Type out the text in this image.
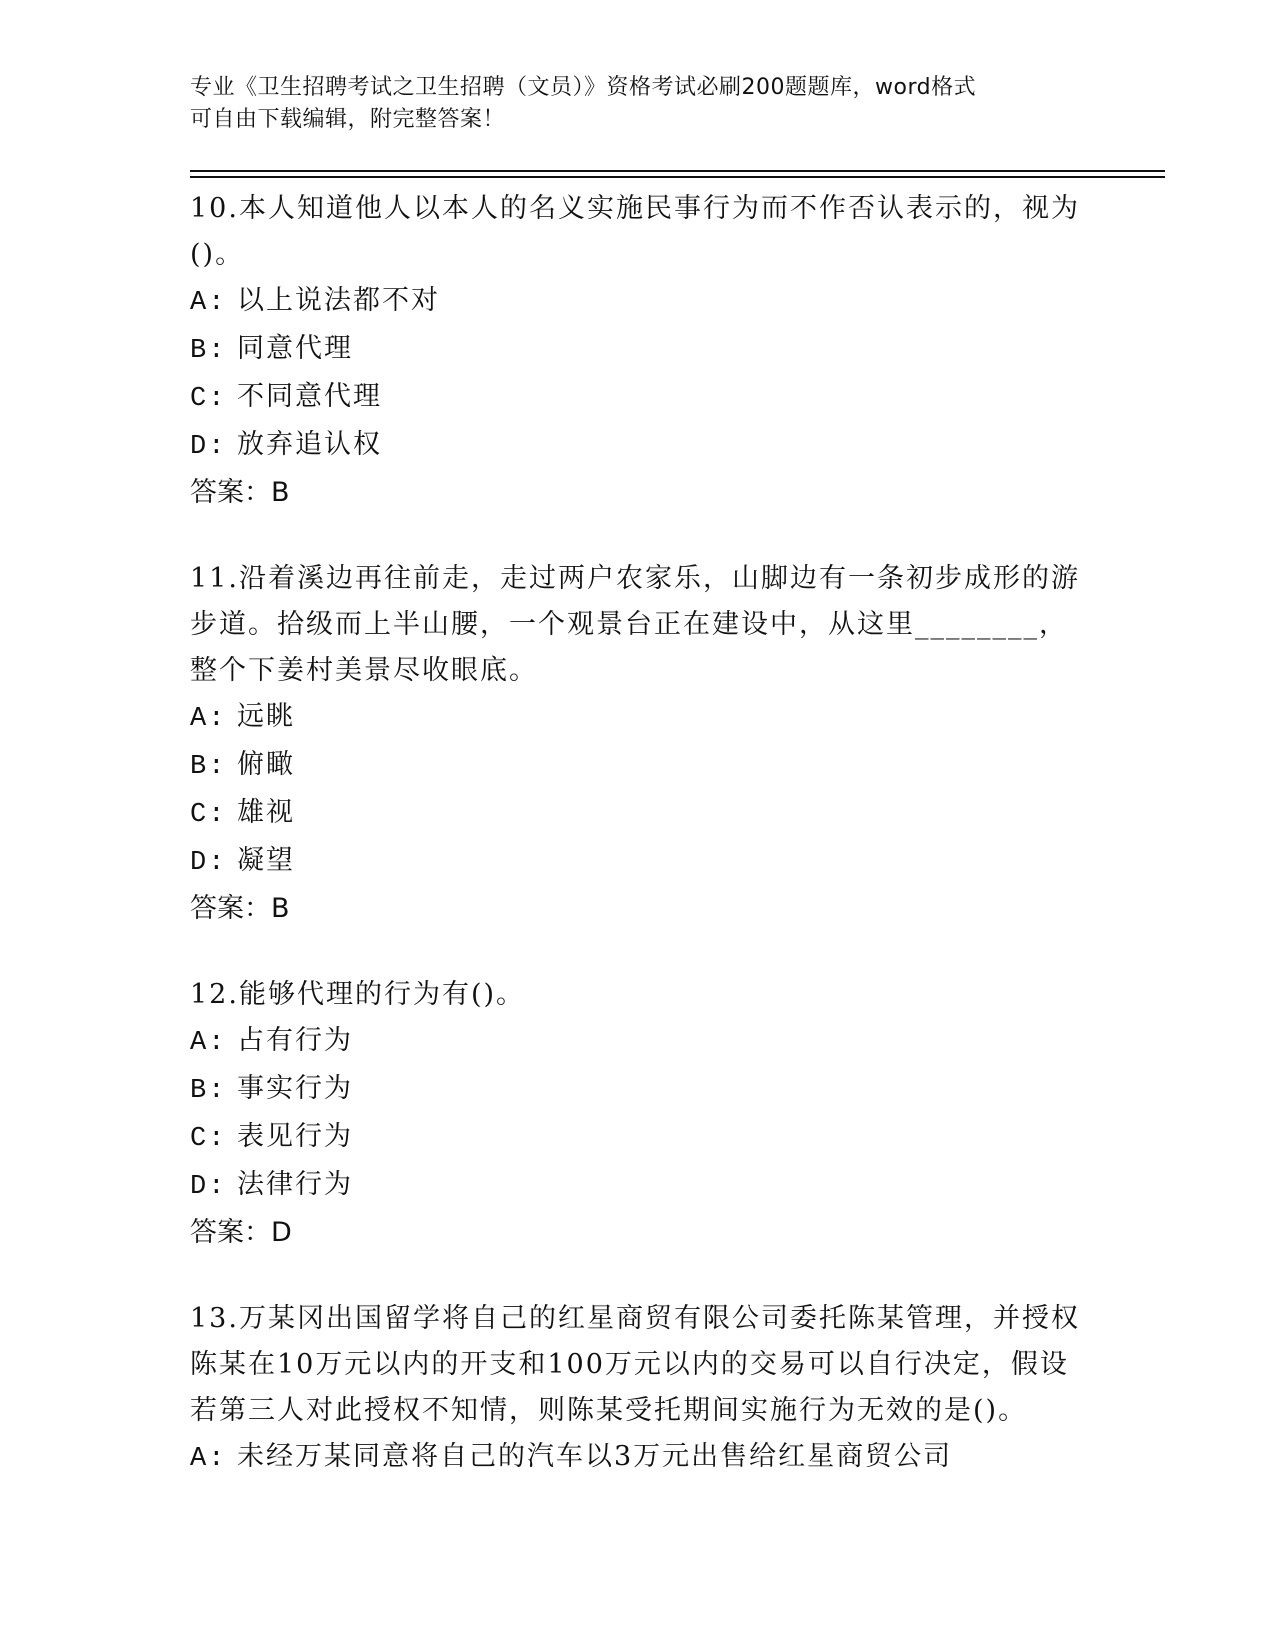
专业《卫生招聘考试之卫生招聘（文员）》资格考试必刷200题题库，word格式
可自由下载编辑，附完整答案！
10.本人知道他人以本人的名义实施民事行为而不作否认表示的，视为
()。
A: 以上说法都不对
B: 同意代理
C: 不同意代理
D: 放弃追认权
答案：B
11.沿着溪边再往前走，走过两户农家乐，山脚边有一条初步成形的游
步道。拾级而上半山腰，一个观景台正在建设中，从这里________，
整个下姜村美景尽收眼底。
A: 远眺
B: 俯瞰
C: 雄视
D: 凝望
答案：B
12.能够代理的行为有()。
A: 占有行为
B: 事实行为
C: 表见行为
D: 法律行为
答案：D
13.万某冈出国留学将自己的红星商贸有限公司委托陈某管理，并授权
陈某在10万元以内的开支和100万元以内的交易可以自行决定，假设
若第三人对此授权不知情，则陈某受托期间实施行为无效的是()。
A: 未经万某同意将自己的汽车以3万元出售给红星商贸公司
